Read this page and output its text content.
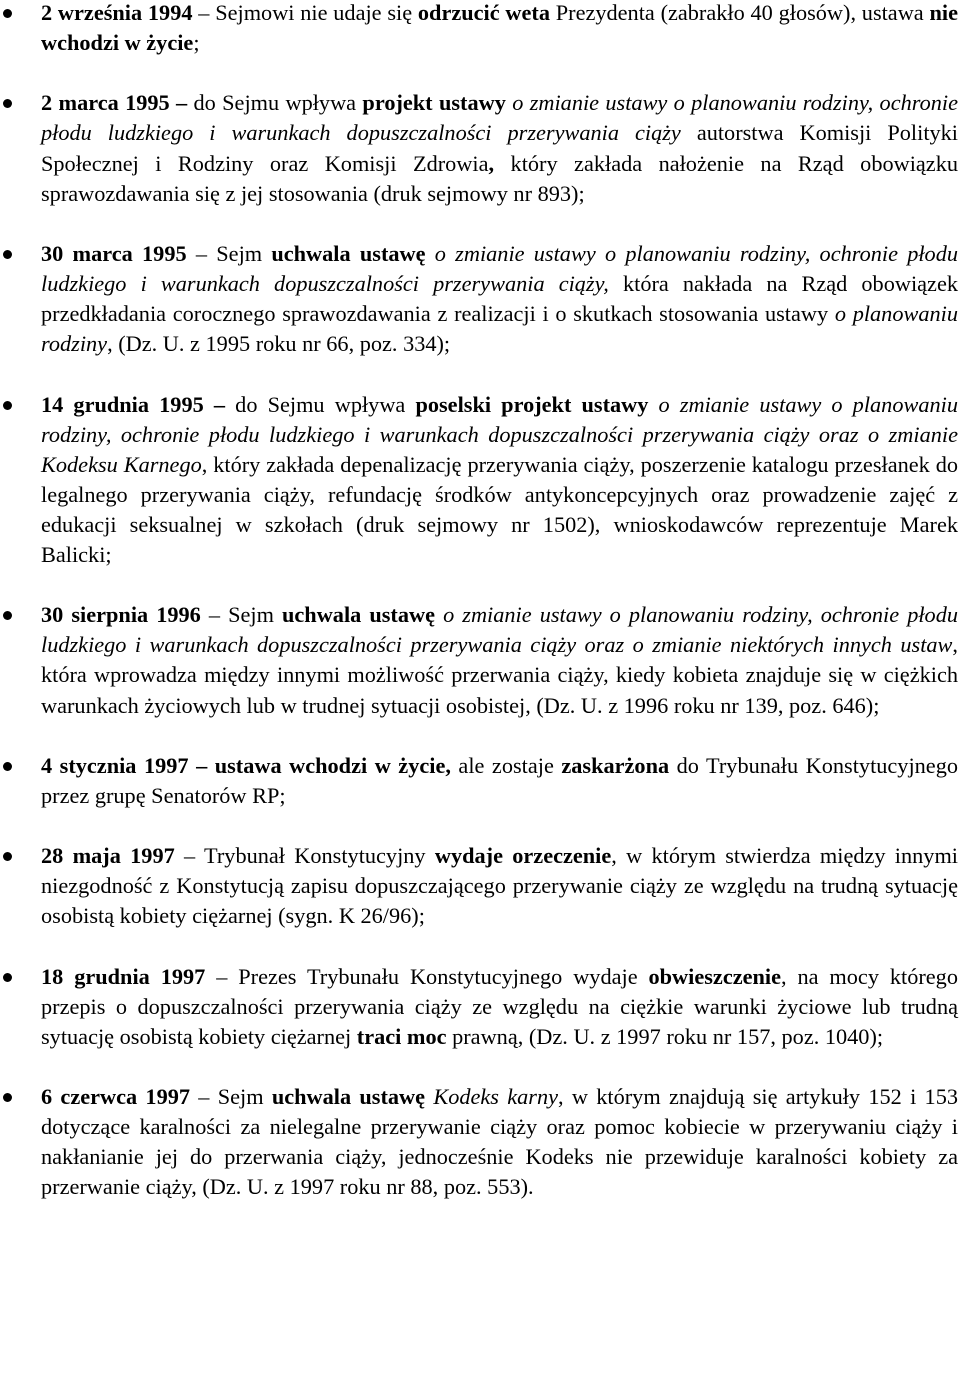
2 września 1994 – Sejmowi nie udaje się odrzucić weta Prezydenta (zabrakło 40 głosów), ustawa nie wchodzi w życie;
2 marca 1995 – do Sejmu wpływa projekt ustawy o zmianie ustawy o planowaniu rodziny, ochronie płodu ludzkiego i warunkach dopuszczalności przerywania ciąży autorstwa Komisji Polityki Społecznej i Rodziny oraz Komisji Zdrowia, który zakłada nałożenie na Rząd obowiązku sprawozdawania się z jej stosowania (druk sejmowy nr 893);
30 marca 1995 – Sejm uchwala ustawę o zmianie ustawy o planowaniu rodziny, ochronie płodu ludzkiego i warunkach dopuszczalności przerywania ciąży, która nakłada na Rząd obowiązek przedkładania corocznego sprawozdawania z realizacji i o skutkach stosowania ustawy o planowaniu rodziny, (Dz. U. z 1995 roku nr 66, poz. 334);
14 grudnia 1995 – do Sejmu wpływa poselski projekt ustawy o zmianie ustawy o planowaniu rodziny, ochronie płodu ludzkiego i warunkach dopuszczalności przerywania ciąży oraz o zmianie Kodeksu Karnego, który zakłada depenalizację przerywania ciąży, poszerzenie katalogu przesłanek do legalnego przerywania ciąży, refundację środków antykoncepcyjnych oraz prowadzenie zajęć z edukacji seksualnej w szkołach (druk sejmowy nr 1502), wnioskodawców reprezentuje Marek Balicki;
30 sierpnia 1996 – Sejm uchwala ustawę o zmianie ustawy o planowaniu rodziny, ochronie płodu ludzkiego i warunkach dopuszczalności przerywania ciąży oraz o zmianie niektórych innych ustaw, która wprowadza między innymi możliwość przerwania ciąży, kiedy kobieta znajduje się w ciężkich warunkach życiowych lub w trudnej sytuacji osobistej, (Dz. U. z 1996 roku nr 139, poz. 646);
4 stycznia 1997 – ustawa wchodzi w życie, ale zostaje zaskarżona do Trybunału Konstytucyjnego przez grupę Senatorów RP;
28 maja 1997 – Trybunał Konstytucyjny wydaje orzeczenie, w którym stwierdza między innymi niezgodność z Konstytucją zapisu dopuszczającego przerywanie ciąży ze względu na trudną sytuację osobistą kobiety ciężarnej (sygn. K 26/96);
18 grudnia 1997 – Prezes Trybunału Konstytucyjnego wydaje obwieszczenie, na mocy którego przepis o dopuszczalności przerywania ciąży ze względu na ciężkie warunki życiowe lub trudną sytuację osobistą kobiety ciężarnej traci moc prawną, (Dz. U. z 1997 roku nr 157, poz. 1040);
6 czerwca 1997 – Sejm uchwala ustawę Kodeks karny, w którym znajdują się artykuły 152 i 153 dotyczące karalności za nielegalne przerywanie ciąży oraz pomoc kobiecie w przerywaniu ciąży i nakłanianie jej do przerwania ciąży, jednocześnie Kodeks nie przewiduje karalności kobiety za przerwanie ciąży, (Dz. U. z 1997 roku nr 88, poz. 553).
